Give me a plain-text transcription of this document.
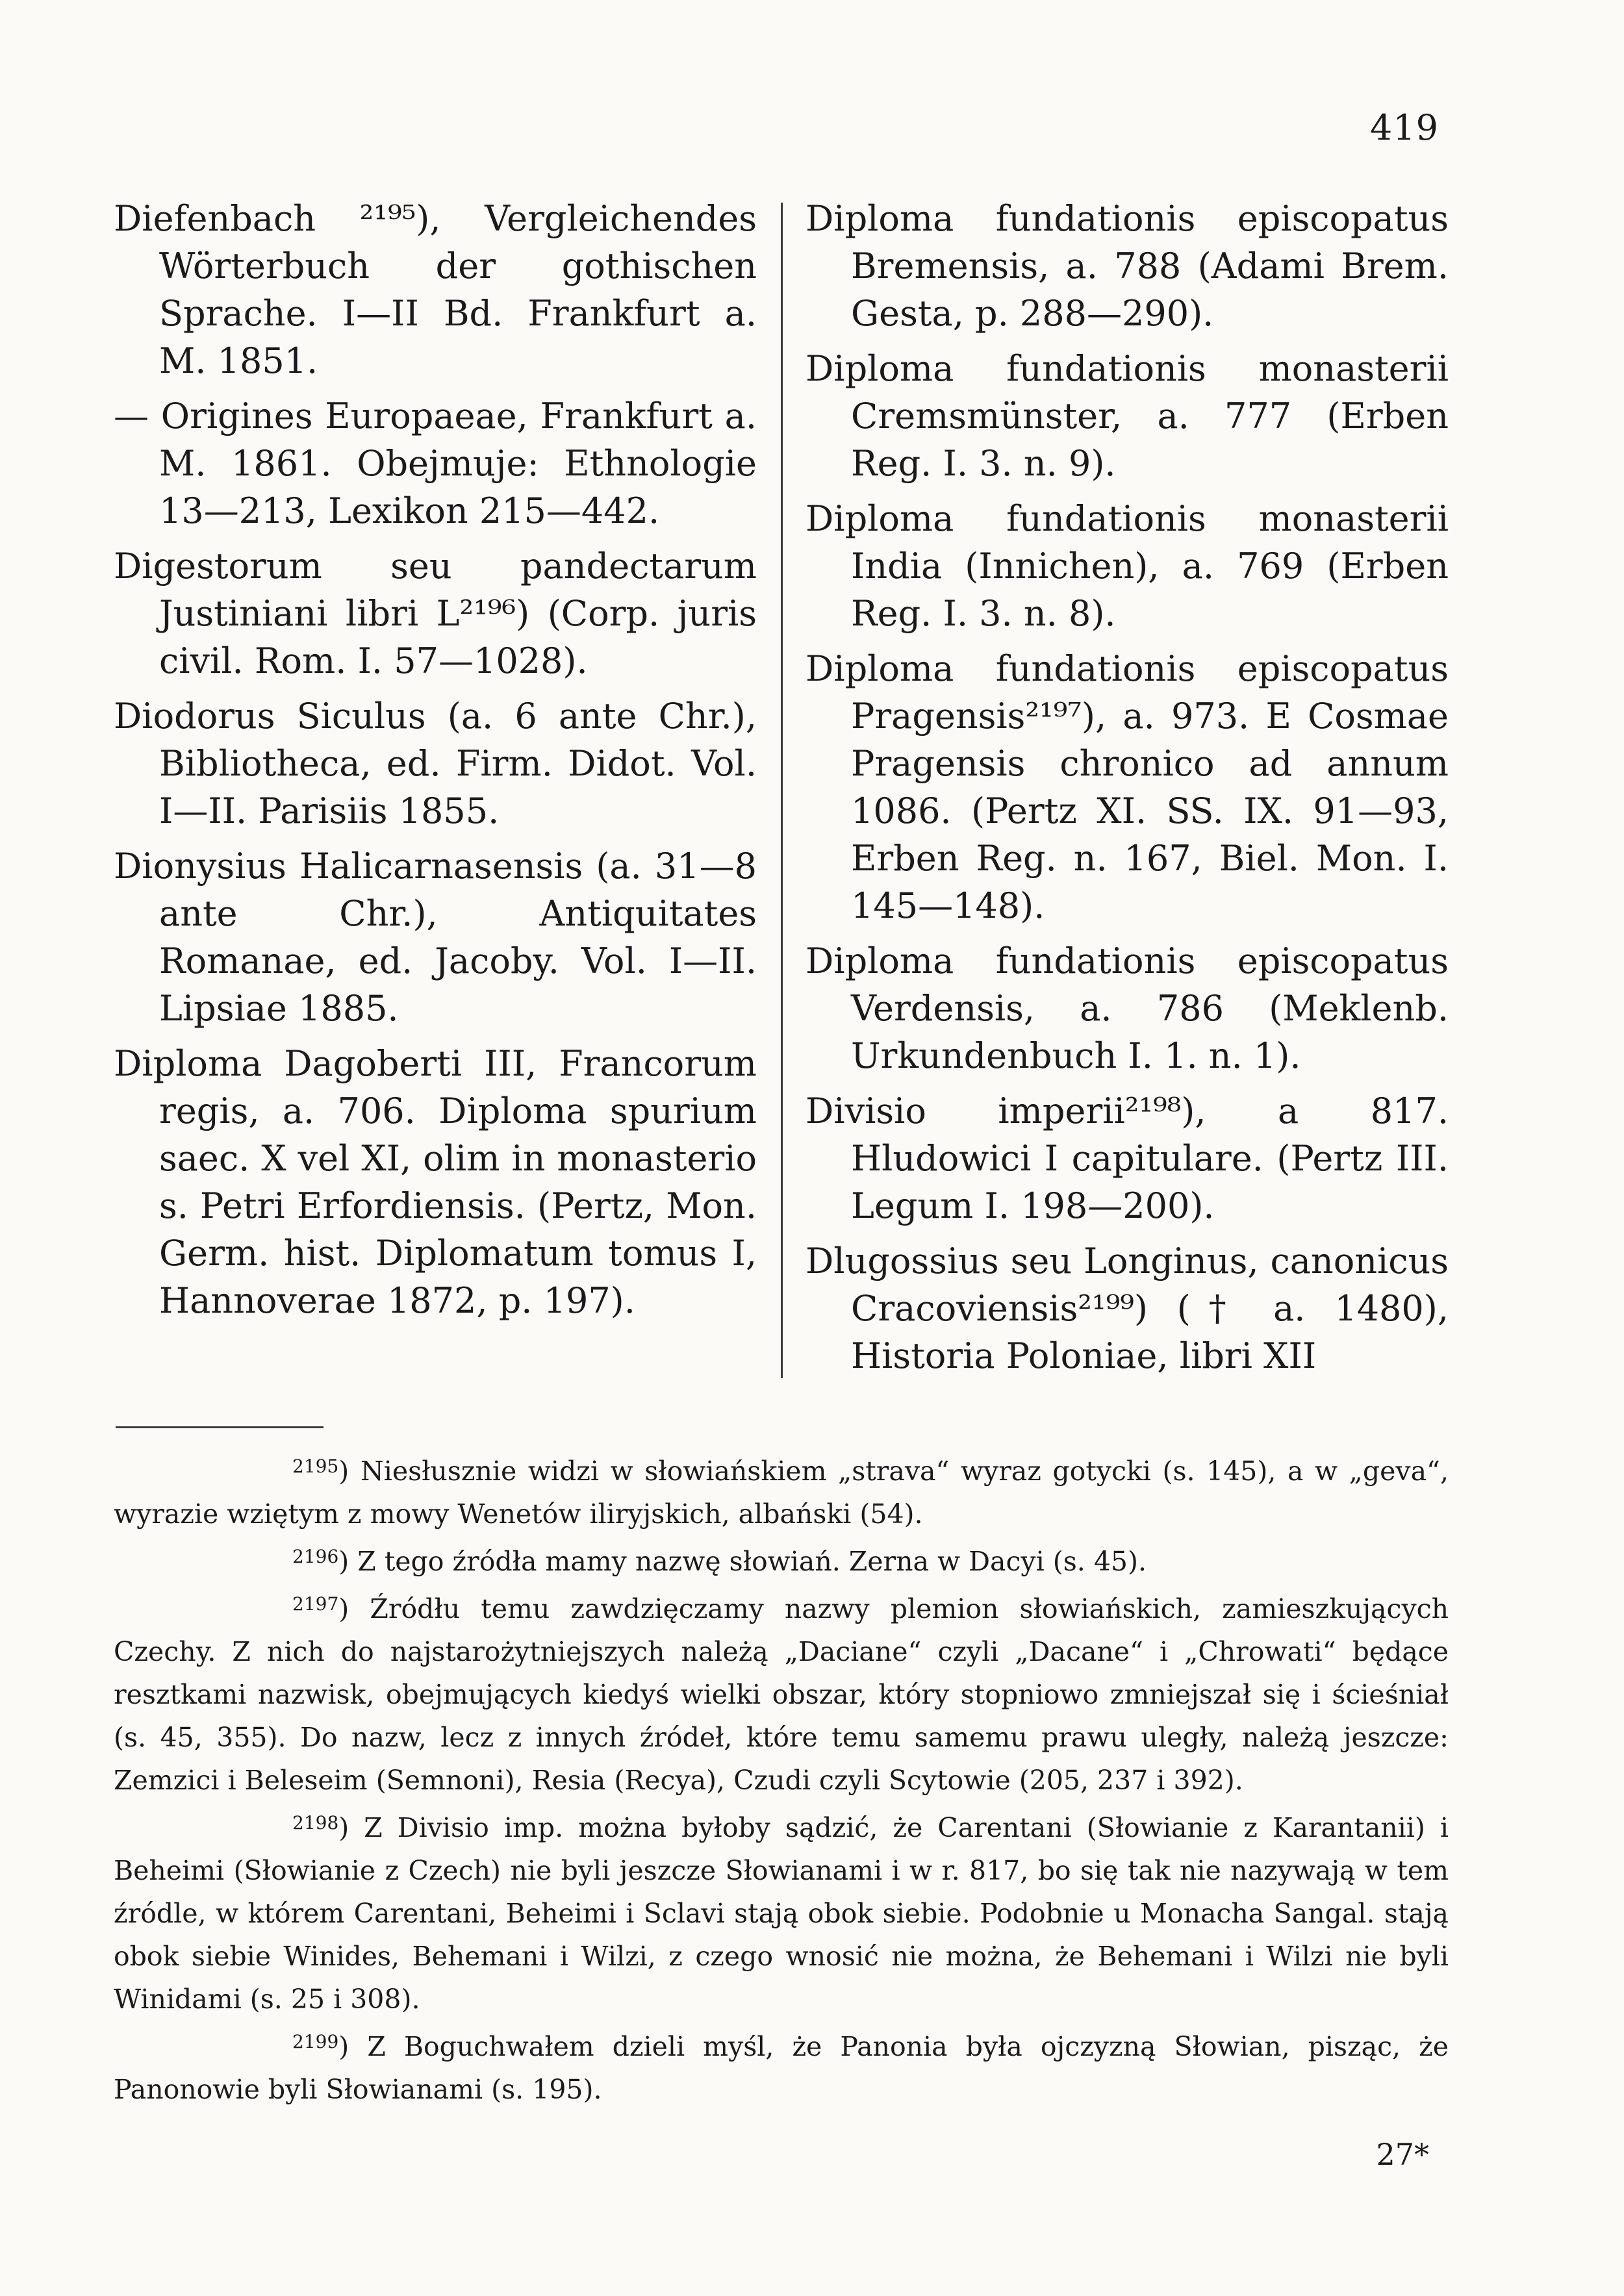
419

Diefenbach ²¹⁹⁵), Vergleichendes Wörterbuch der gothischen Sprache. I—II Bd. Frankfurt a. M. 1851.

— Origines Europaeae, Frankfurt a. M. 1861. Obejmuje: Ethnologie 13—213, Lexikon 215—442.

Digestorum seu pandectarum Justiniani libri L²¹⁹⁶) (Corp. juris civil. Rom. I. 57—1028).

Diodorus Siculus (a. 6 ante Chr.), Bibliotheca, ed. Firm. Didot. Vol. I—II. Parisiis 1855.

Dionysius Halicarnasensis (a. 31—8 ante Chr.), Antiquitates Romanae, ed. Jacoby. Vol. I—II. Lipsiae 1885.

Diploma Dagoberti III, Francorum regis, a. 706. Diploma spurium saec. X vel XI, olim in monasterio s. Petri Erfordiensis. (Pertz, Mon. Germ. hist. Diplomatum tomus I, Hannoverae 1872, p. 197).

Diploma fundationis episcopatus Bremensis, a. 788 (Adami Brem. Gesta, p. 288—290).

Diploma fundationis monasterii Cremsmünster, a. 777 (Erben Reg. I. 3. n. 9).

Diploma fundationis monasterii India (Innichen), a. 769 (Erben Reg. I. 3. n. 8).

Diploma fundationis episcopatus Pragensis²¹⁹⁷), a. 973. E Cosmae Pragensis chronico ad annum 1086. (Pertz XI. SS. IX. 91—93, Erben Reg. n. 167, Biel. Mon. I. 145—148).

Diploma fundationis episcopatus Verdensis, a. 786 (Meklenb. Urkundenbuch I. 1. n. 1).

Divisio imperii²¹⁹⁸), a 817. Hludowici I capitulare. (Pertz III. Legum I. 198—200).

Dlugossius seu Longinus, canonicus Cracoviensis²¹⁹⁹) († a. 1480), Historia Poloniae, libri XII

$^{2195}$) Niesłusznie widzi w słowiańskiem „strava“ wyraz gotycki (s. 145), a w „geva“, wyrazie wziętym z mowy Wenetów iliryjskich, albański (54).

$^{2196}$) Z tego źródła mamy nazwę słowiań. Zerna w Dacyi (s. 45).

$^{2197}$) Źródłu temu zawdzięczamy nazwy plemion słowiańskich, zamieszkujących Czechy. Z nich do najstarożytniejszych należą „Daciane“ czyli „Dacane“ i „Chrowati“ będące resztkami nazwisk, obejmujących kiedyś wielki obszar, który stopniowo zmniejszał się i ścieśniał (s. 45, 355). Do nazw, lecz z innych źródeł, które temu samemu prawu uległy, należą jeszcze: Zemzici i Beleseim (Semnoni), Resia (Recya), Czudi czyli Scytowie (205, 237 i 392).

$^{2198}$) Z Divisio imp. można byłoby sądzić, że Carentani (Słowianie z Karantanii) i Beheimi (Słowianie z Czech) nie byli jeszcze Słowianami i w r. 817, bo się tak nie nazywają w tem źródle, w którem Carentani, Beheimi i Sclavi stają obok siebie. Podobnie u Monacha Sangal. stają obok siebie Winides, Behemani i Wilzi, z czego wnosić nie można, że Behemani i Wilzi nie byli Winidami (s. 25 i 308).

$^{2199}$) Z Boguchwałem dzieli myśl, że Panonia była ojczyzną Słowian, pisząc, że Panonowie byli Słowianami (s. 195).

27*
